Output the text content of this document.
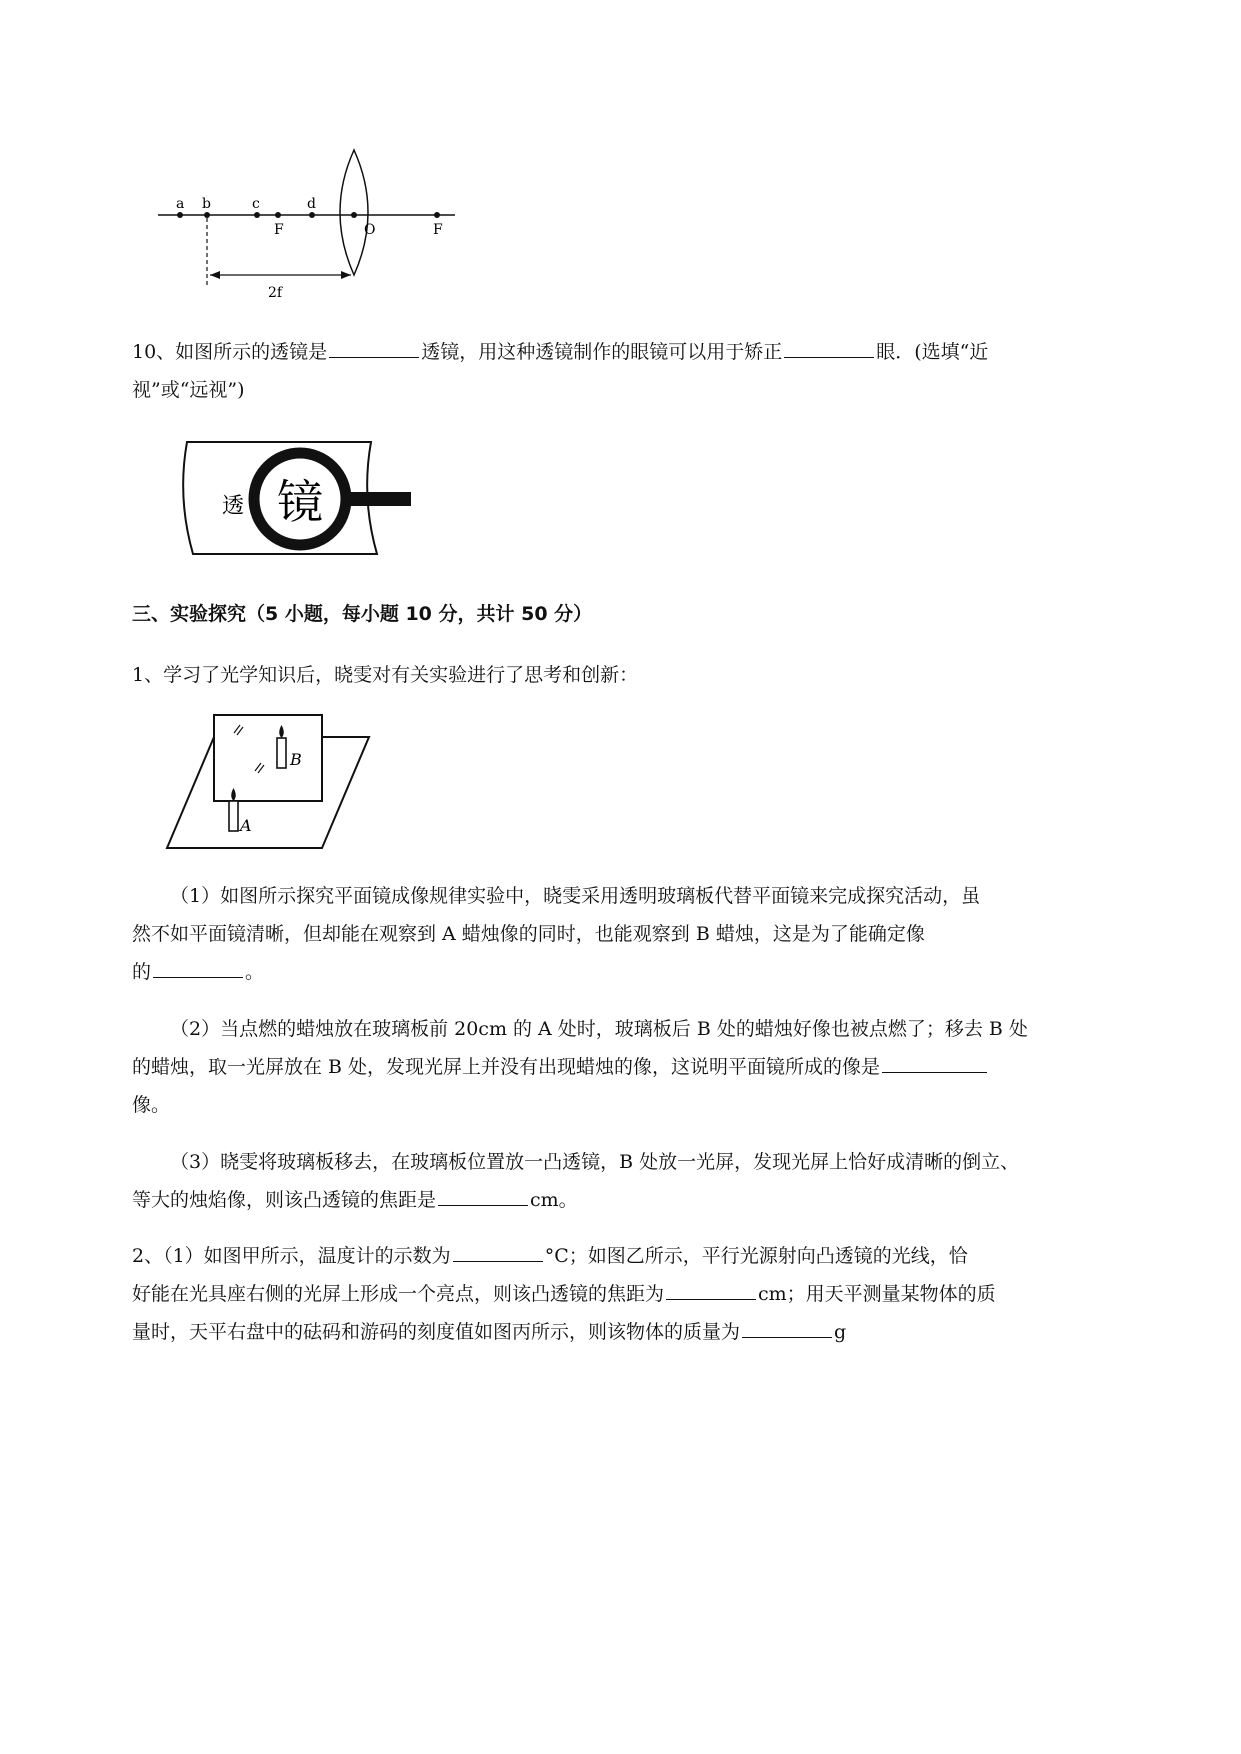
a b	c	d
F	O	F
2f
10、如图所示的透镜是	透镜，用这种透镜制作的眼镜可以用于矫正	眼．(选填“近
视”或“远视”)
透 镜
三、实验探究（5 小题，每小题 10 分，共计 50 分）
1、学习了光学知识后，晓雯对有关实验进行了思考和创新：
B
A
（1）如图所示探究平面镜成像规律实验中，晓雯采用透明玻璃板代替平面镜来完成探究活动，虽
然不如平面镜清晰，但却能在观察到 A 蜡烛像的同时，也能观察到 B 蜡烛，这是为了能确定像
的	。
（2）当点燃的蜡烛放在玻璃板前 20cm 的 A 处时，玻璃板后 B 处的蜡烛好像也被点燃了；移去 B 处
的蜡烛，取一光屏放在 B 处，发现光屏上并没有出现蜡烛的像，这说明平面镜所成的像是
像。
（3）晓雯将玻璃板移去，在玻璃板位置放一凸透镜，B 处放一光屏，发现光屏上恰好成清晰的倒立、
等大的烛焰像，则该凸透镜的焦距是	cm。
2、（1）如图甲所示，温度计的示数为	°C；如图乙所示，平行光源射向凸透镜的光线，恰
好能在光具座右侧的光屏上形成一个亮点，则该凸透镜的焦距为	cm；用天平测量某物体的质
量时，天平右盘中的砝码和游码的刻度值如图丙所示，则该物体的质量为	g
